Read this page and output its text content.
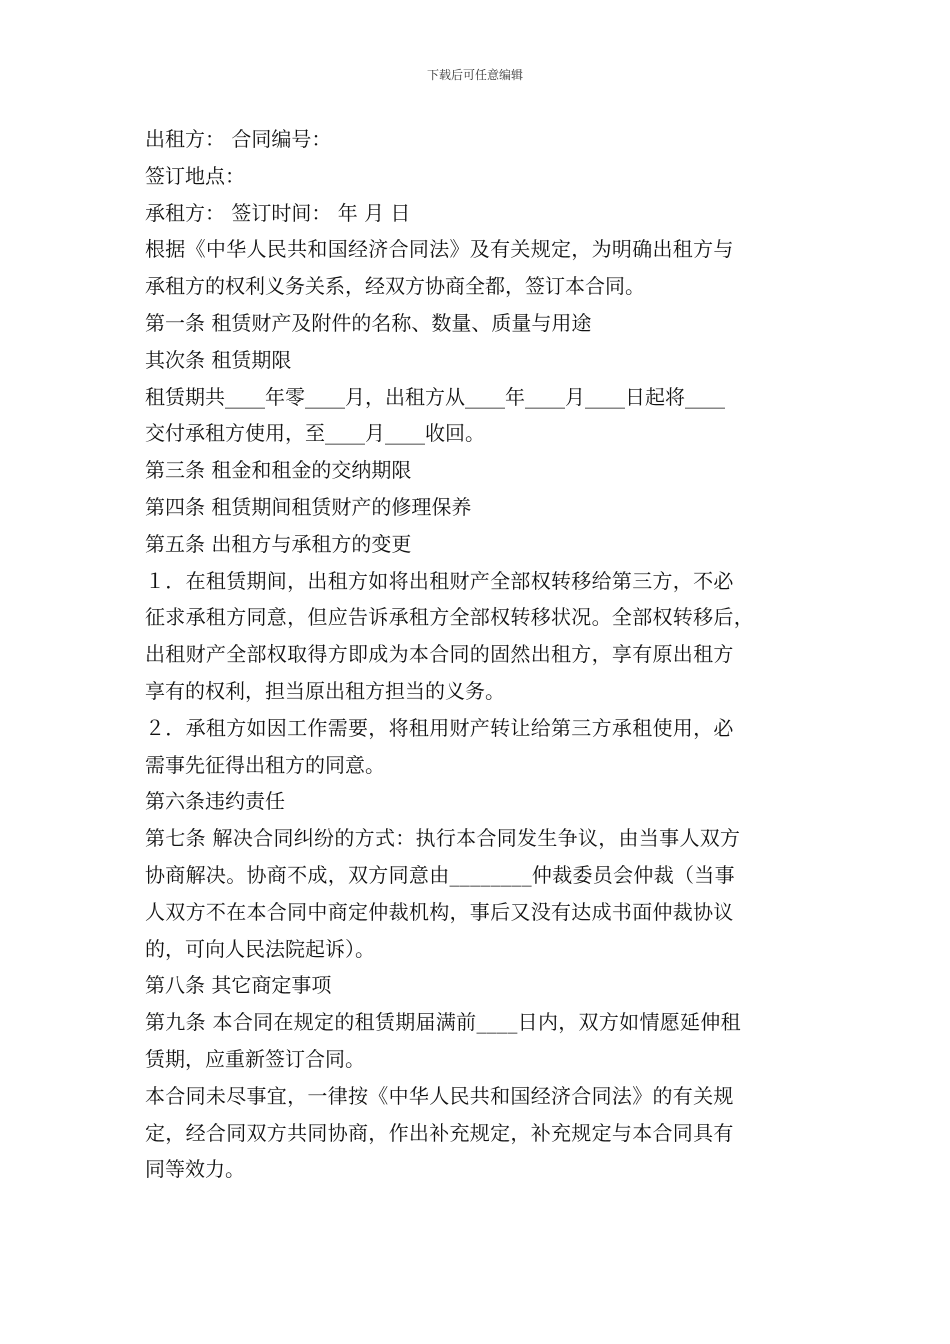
下载后可任意编辑
出租方： 合同编号：
签订地点：
承租方： 签订时间： 年 月 日
根据《中华人民共和国经济合同法》及有关规定，为明确出租方与
承租方的权利义务关系，经双方协商全都，签订本合同。
第一条 租赁财产及附件的名称、数量、质量与用途
其次条 租赁期限
租赁期共____年零____月，出租方从____年____月____日起将____
交付承租方使用，至____月____收回。
第三条 租金和租金的交纳期限
第四条 租赁期间租赁财产的修理保养
第五条 出租方与承租方的变更
１．在租赁期间，出租方如将出租财产全部权转移给第三方，不必
征求承租方同意，但应告诉承租方全部权转移状况。全部权转移后，
出租财产全部权取得方即成为本合同的固然出租方，享有原出租方
享有的权利，担当原出租方担当的义务。
２．承租方如因工作需要，将租用财产转让给第三方承租使用，必
需事先征得出租方的同意。
第六条违约责任
第七条 解决合同纠纷的方式：执行本合同发生争议，由当事人双方
协商解决。协商不成，双方同意由________仲裁委员会仲裁（当事
人双方不在本合同中商定仲裁机构，事后又没有达成书面仲裁协议
的，可向人民法院起诉）。
第八条 其它商定事项
第九条 本合同在规定的租赁期届满前____日内，双方如情愿延伸租
赁期，应重新签订合同。
本合同未尽事宜，一律按《中华人民共和国经济合同法》的有关规
定，经合同双方共同协商，作出补充规定，补充规定与本合同具有
同等效力。
